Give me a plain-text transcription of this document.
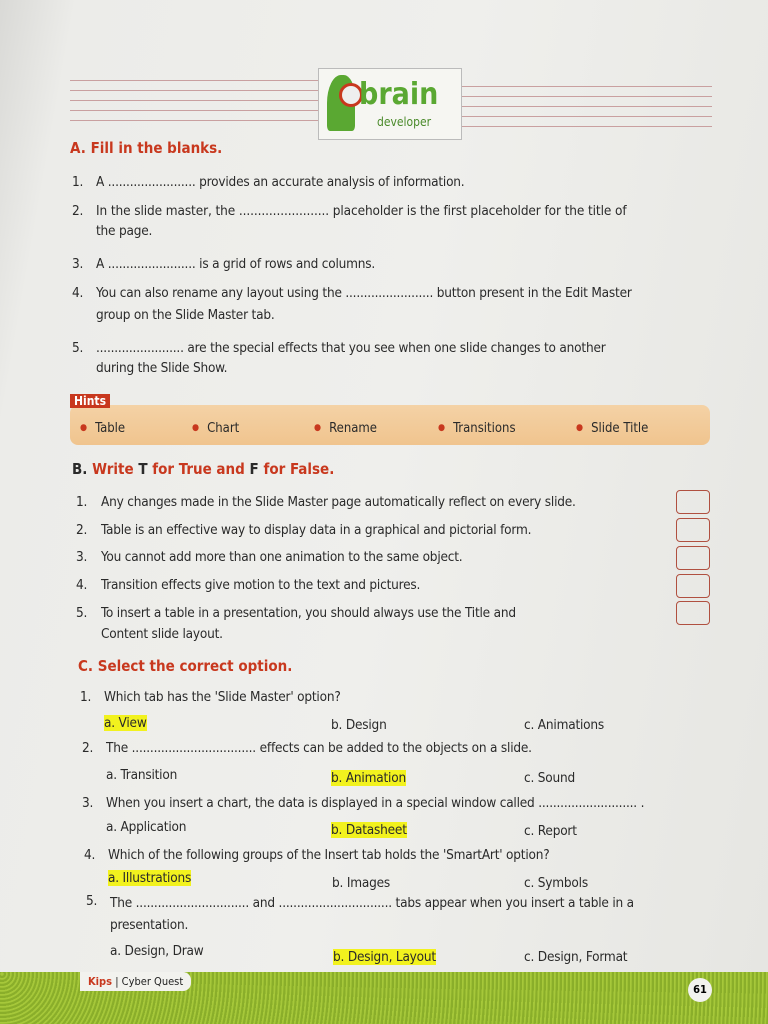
brain
developer
A. Fill in the blanks.
1. A ........................ provides an accurate analysis of information.
2. In the slide master, the ........................ placeholder is the first placeholder for the title of
the page.
3. A ........................ is a grid of rows and columns.
4. You can also rename any layout using the ........................ button present in the Edit Master
group on the Slide Master tab.
5. ........................ are the special effects that you see when one slide changes to another
during the Slide Show.
● Table	● Chart	● Rename	● Transitions	● Slide Title
Hints
B. Write T for True and F for False.
1. Any changes made in the Slide Master page automatically reflect on every slide.
2. Table is an effective way to display data in a graphical and pictorial form.
3. You cannot add more than one animation to the same object.
4. Transition effects give motion to the text and pictures.
5. To insert a table in a presentation, you should always use the Title and
Content slide layout.
C. Select the correct option.
1. Which tab has the 'Slide Master' option?
a. View	b. Design	c. Animations
2. The .................................. effects can be added to the objects on a slide.
a. Transition	b. Animation	c. Sound
3. When you insert a chart, the data is displayed in a special window called ........................... .
a. Application	b. Datasheet	c. Report
4. Which of the following groups of the Insert tab holds the 'SmartArt' option?
a. Illustrations	b. Images	c. Symbols
5. The ............................... and ............................... tabs appear when you insert a table in a
presentation.
a. Design, Draw	b. Design, Layout	c. Design, Format
Kips | Cyber Quest
61
